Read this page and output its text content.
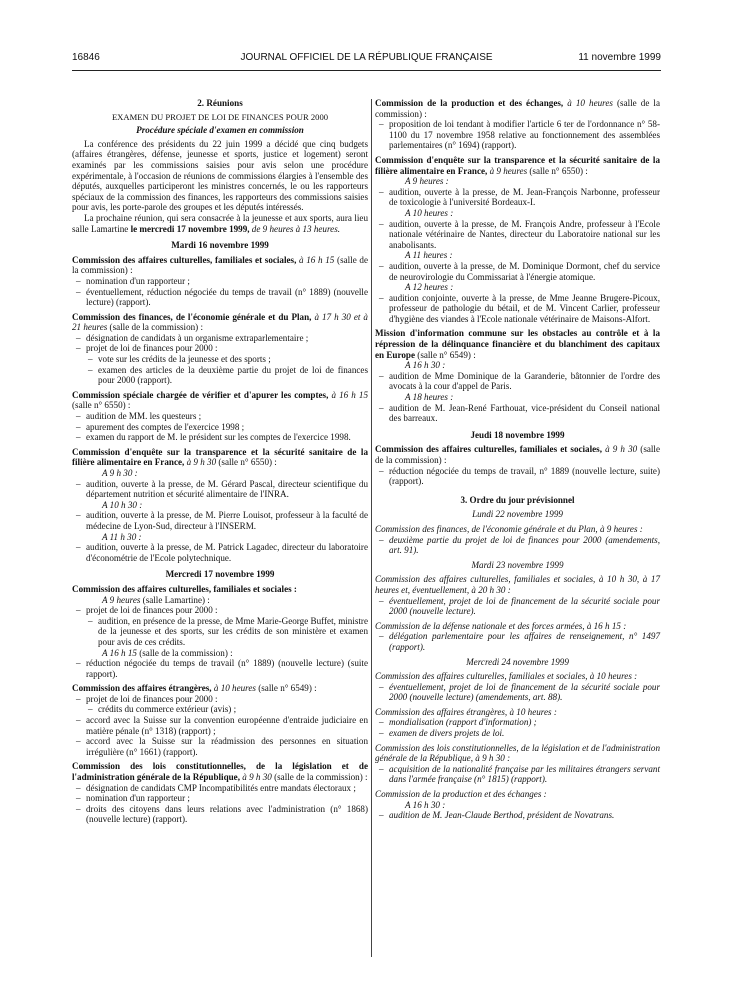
16846	JOURNAL OFFICIEL DE LA RÉPUBLIQUE FRANÇAISE	11 novembre 1999

2. Réunions

EXAMEN DU PROJET DE LOI DE FINANCES POUR 2000

Procédure spéciale d'examen en commission

La conférence des présidents du 22 juin 1999 a décidé que cinq budgets (affaires étrangères, défense, jeunesse et sports, justice et logement) seront examinés par les commissions saisies pour avis selon une procédure expérimentale, à l'occasion de réunions de commissions élargies à l'ensemble des députés, auxquelles participeront les ministres concernés, le ou les rapporteurs spéciaux de la commission des finances, les rapporteurs des commissions saisies pour avis, les porte-parole des groupes et les députés intéressés.

La prochaine réunion, qui sera consacrée à la jeunesse et aux sports, aura lieu salle Lamartine le mercredi 17 novembre 1999, de 9 heures à 13 heures.

Mardi 16 novembre 1999

Commission des affaires culturelles, familiales et sociales, à 16 h 15 (salle de la commission) :

– nomination d'un rapporteur ;
– éventuellement, réduction négociée du temps de travail (n° 1889) (nouvelle lecture) (rapport).

Commission des finances, de l'économie générale et du Plan, à 17 h 30 et à 21 heures (salle de la commission) :

– désignation de candidats à un organisme extraparlementaire ;
– projet de loi de finances pour 2000 :
– vote sur les crédits de la jeunesse et des sports ;
– examen des articles de la deuxième partie du projet de loi de finances pour 2000 (rapport).

Commission spéciale chargée de vérifier et d'apurer les comptes, à 16 h 15 (salle n° 6550) :

– audition de MM. les questeurs ;
– apurement des comptes de l'exercice 1998 ;
– examen du rapport de M. le président sur les comptes de l'exercice 1998.

Commission d'enquête sur la transparence et la sécurité sanitaire de la filière alimentaire en France, à 9 h 30 (salle n° 6550) :

A 9 h 30 :

– audition, ouverte à la presse, de M. Gérard Pascal, directeur scientifique du département nutrition et sécurité alimentaire de l'INRA.

A 10 h 30 :

– audition, ouverte à la presse, de M. Pierre Louisot, professeur à la faculté de médecine de Lyon-Sud, directeur à l'INSERM.

A 11 h 30 :

– audition, ouverte à la presse, de M. Patrick Lagadec, directeur du laboratoire d'économétrie de l'Ecole polytechnique.

Mercredi 17 novembre 1999

Commission des affaires culturelles, familiales et sociales :

A 9 heures (salle Lamartine) :

– projet de loi de finances pour 2000 :
– audition, en présence de la presse, de Mme Marie-George Buffet, ministre de la jeunesse et des sports, sur les crédits de son ministère et examen pour avis de ces crédits.

A 16 h 15 (salle de la commission) :

– réduction négociée du temps de travail (n° 1889) (nouvelle lecture) (suite rapport).

Commission des affaires étrangères, à 10 heures (salle n° 6549) :

– projet de loi de finances pour 2000 :
– crédits du commerce extérieur (avis) ;
– accord avec la Suisse sur la convention européenne d'entraide judiciaire en matière pénale (n° 1318) (rapport) ;
– accord avec la Suisse sur la réadmission des personnes en situation irrégulière (n° 1661) (rapport).

Commission des lois constitutionnelles, de la législation et de l'administration générale de la République, à 9 h 30 (salle de la commission) :

– désignation de candidats CMP Incompatibilités entre mandats électoraux ;
– nomination d'un rapporteur ;
– droits des citoyens dans leurs relations avec l'administration (n° 1868) (nouvelle lecture) (rapport).

Commission de la production et des échanges, à 10 heures (salle de la commission) :

– proposition de loi tendant à modifier l'article 6 ter de l'ordonnance n° 58-1100 du 17 novembre 1958 relative au fonctionnement des assemblées parlementaires (n° 1694) (rapport).

Commission d'enquête sur la transparence et la sécurité sanitaire de la filière alimentaire en France, à 9 heures (salle n° 6550) :

A 9 heures :

– audition, ouverte à la presse, de M. Jean-François Narbonne, professeur de toxicologie à l'université Bordeaux-I.

A 10 heures :

– audition, ouverte à la presse, de M. François Andre, professeur à l'Ecole nationale vétérinaire de Nantes, directeur du Laboratoire national sur les anabolisants.

A 11 heures :

– audition, ouverte à la presse, de M. Dominique Dormont, chef du service de neurovirologie du Commissariat à l'énergie atomique.

A 12 heures :

– audition conjointe, ouverte à la presse, de Mme Jeanne Brugere-Picoux, professeur de pathologie du bétail, et de M. Vincent Carlier, professeur d'hygiène des viandes à l'Ecole nationale vétérinaire de Maisons-Alfort.

Mission d'information commune sur les obstacles au contrôle et à la répression de la délinquance financière et du blanchiment des capitaux en Europe (salle n° 6549) :

A 16 h 30 :

– audition de Mme Dominique de la Garanderie, bâtonnier de l'ordre des avocats à la cour d'appel de Paris.

A 18 heures :

– audition de M. Jean-René Farthouat, vice-président du Conseil national des barreaux.

Jeudi 18 novembre 1999

Commission des affaires culturelles, familiales et sociales, à 9 h 30 (salle de la commission) :

– réduction négociée du temps de travail, n° 1889 (nouvelle lecture, suite) (rapport).

3. Ordre du jour prévisionnel

Lundi 22 novembre 1999

Commission des finances, de l'économie générale et du Plan, à 9 heures :

– deuxième partie du projet de loi de finances pour 2000 (amendements, art. 91).

Mardi 23 novembre 1999

Commission des affaires culturelles, familiales et sociales, à 10 h 30, à 17 heures et, éventuellement, à 20 h 30 :

– éventuellement, projet de loi de financement de la sécurité sociale pour 2000 (nouvelle lecture).

Commission de la défense nationale et des forces armées, à 16 h 15 :

– délégation parlementaire pour les affaires de renseignement, n° 1497 (rapport).

Mercredi 24 novembre 1999

Commission des affaires culturelles, familiales et sociales, à 10 heures :

– éventuellement, projet de loi de financement de la sécurité sociale pour 2000 (nouvelle lecture) (amendements, art. 88).

Commission des affaires étrangères, à 10 heures :

– mondialisation (rapport d'information) ;
– examen de divers projets de loi.

Commission des lois constitutionnelles, de la législation et de l'administration générale de la République, à 9 h 30 :

– acquisition de la nationalité française par les militaires étrangers servant dans l'armée française (n° 1815) (rapport).

Commission de la production et des échanges :

A 16 h 30 :

– audition de M. Jean-Claude Berthod, président de Novatrans.
